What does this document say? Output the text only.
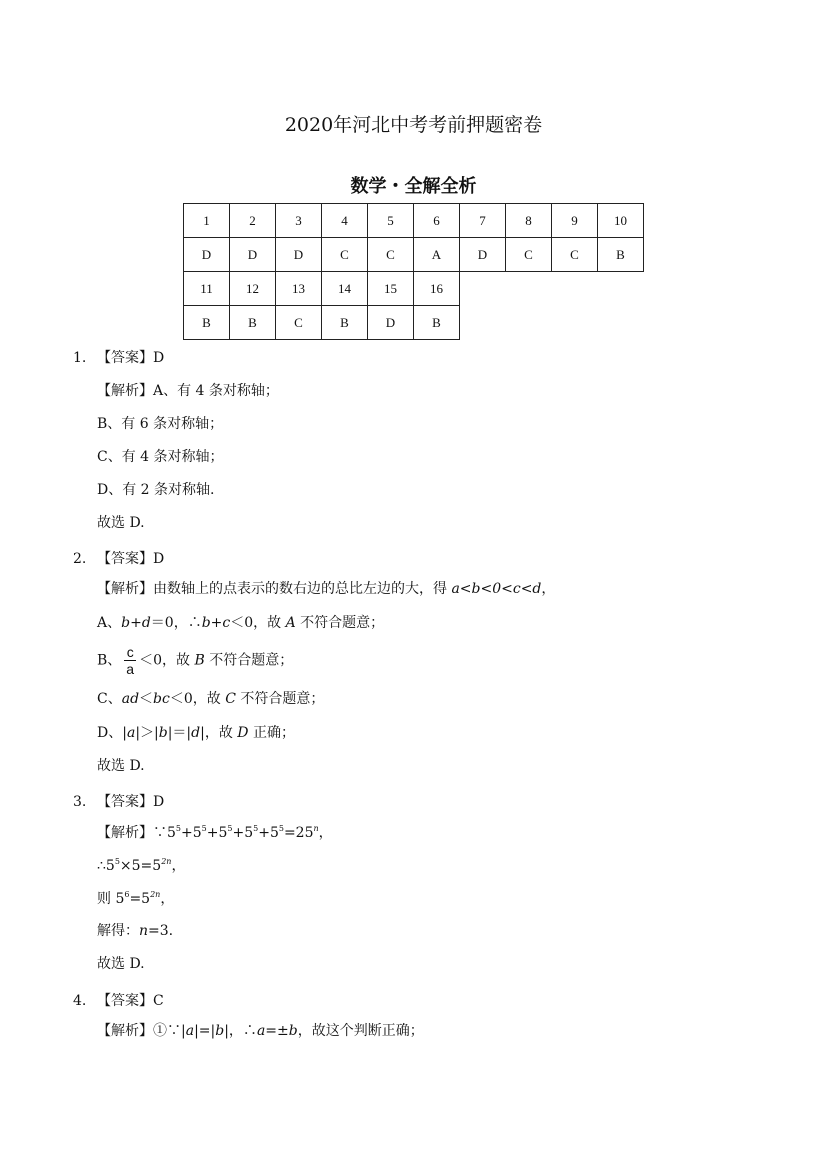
2020年河北中考考前押题密卷
数学・全解全析
1	2	3	4	5	6	7	8	9	10
D	D	D	C	C	A	D	C	C	B
11	12	13	14	15	16				
B	B	C	B	D	B				
1. 【答案】D
【解析】A、有 4 条对称轴；
B、有 6 条对称轴；
C、有 4 条对称轴；
D、有 2 条对称轴.
故选 D.
2. 【答案】D
【解析】由数轴上的点表示的数右边的总比左边的大，得 a<b<0<c<d，
A、b+d＝0，∴b+c＜0，故 A 不符合题意；
B、 $\frac{c}{a} <0$，故 B 不符合题意；
C、ad＜bc＜0，故 C 不符合题意；
D、|a|＞|b|＝|d|，故 D 正确；
故选 D.
3. 【答案】D
【解析】$\because 5^5+5^5+5^5+5^5+5^5=25^n$，
$\therefore 5^5\times 5=5^{2n}$，
则 $5^6=5^{2n}$，
解得：n=3.
故选 D.
4. 【答案】C
【解析】①∵|a|=|b|，∴a=±b，故这个判断正确；
